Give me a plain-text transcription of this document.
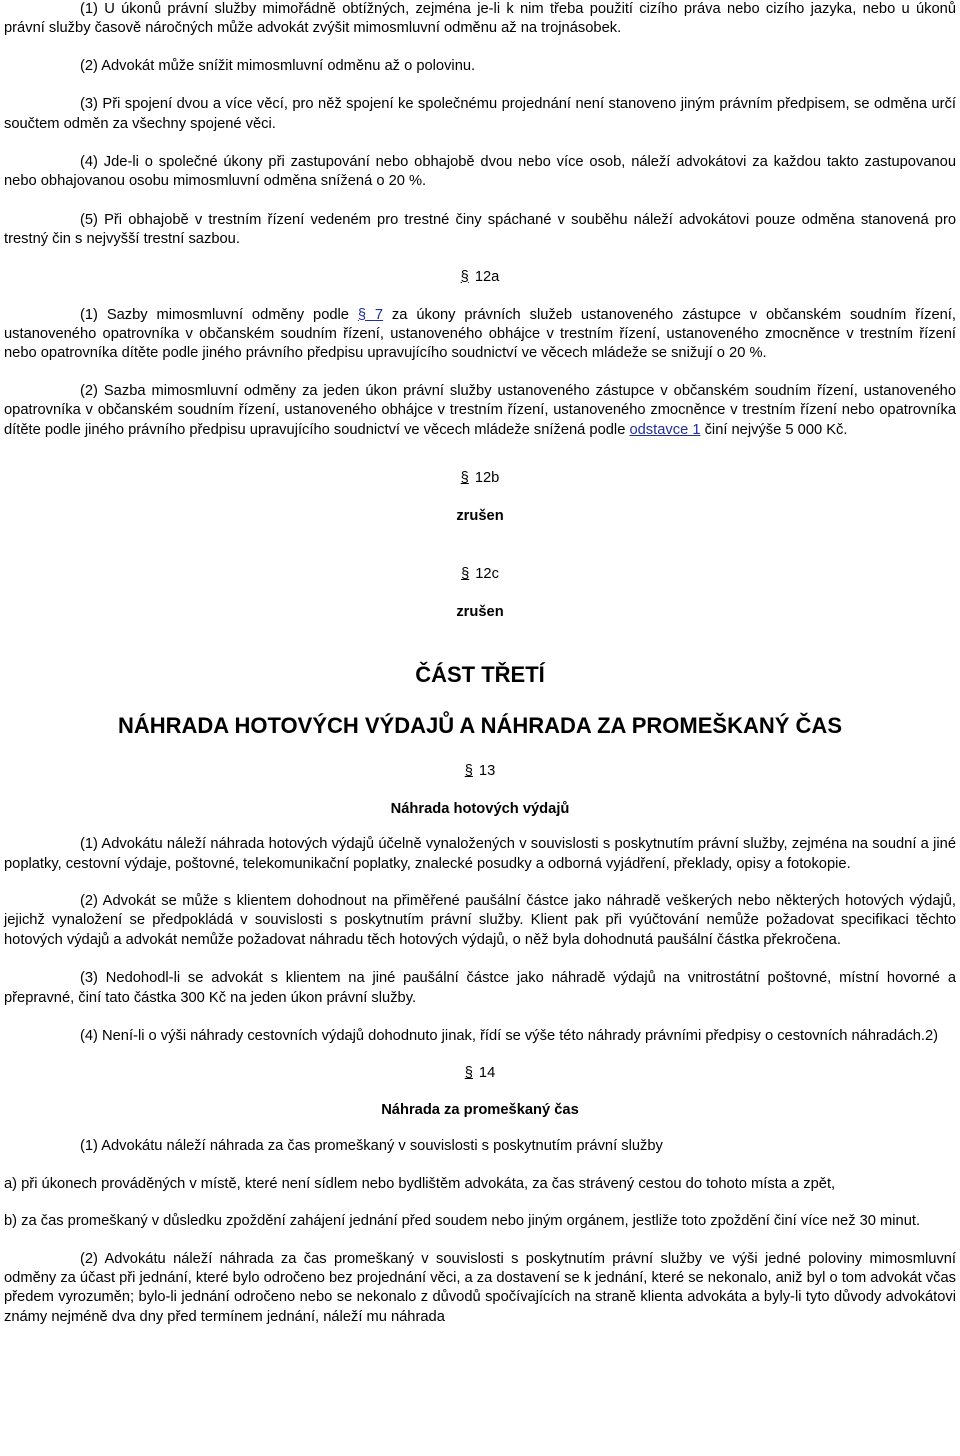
(1) U úkonů právní služby mimořádně obtížných, zejména je-li k nim třeba použití cizího práva nebo cizího jazyka, nebo u úkonů právní služby časově náročných může advokát zvýšit mimosmluvní odměnu až na trojnásobek.

(2) Advokát může snížit mimosmluvní odměnu až o polovinu.

(3) Při spojení dvou a více věcí, pro něž spojení ke společnému projednání není stanoveno jiným právním předpisem, se odměna určí součtem odměn za všechny spojené věci.

(4) Jde-li o společné úkony při zastupování nebo obhajobě dvou nebo více osob, náleží advokátovi za každou takto zastupovanou nebo obhajovanou osobu mimosmluvní odměna snížená o 20 %.

(5) Při obhajobě v trestním řízení vedeném pro trestné činy spáchané v souběhu náleží advokátovi pouze odměna stanovená pro trestný čin s nejvyšší trestní sazbou.

§ 12a

(1) Sazby mimosmluvní odměny podle § 7 za úkony právních služeb ustanoveného zástupce v občanském soudním řízení, ustanoveného opatrovníka v občanském soudním řízení, ustanoveného obhájce v trestním řízení, ustanoveného zmocněnce v trestním řízení nebo opatrovníka dítěte podle jiného právního předpisu upravujícího soudnictví ve věcech mládeže se snižují o 20 %.

(2) Sazba mimosmluvní odměny za jeden úkon právní služby ustanoveného zástupce v občanském soudním řízení, ustanoveného opatrovníka v občanském soudním řízení, ustanoveného obhájce v trestním řízení, ustanoveného zmocněnce v trestním řízení nebo opatrovníka dítěte podle jiného právního předpisu upravujícího soudnictví ve věcech mládeže snížená podle odstavce 1 činí nejvýše 5 000 Kč.

§ 12b

zrušen

§ 12c

zrušen

ČÁST TŘETÍ

NÁHRADA HOTOVÝCH VÝDAJŮ A NÁHRADA ZA PROMEŠKANÝ ČAS

§ 13

Náhrada hotových výdajů

(1) Advokátu náleží náhrada hotových výdajů účelně vynaložených v souvislosti s poskytnutím právní služby, zejména na soudní a jiné poplatky, cestovní výdaje, poštovné, telekomunikační poplatky, znalecké posudky a odborná vyjádření, překlady, opisy a fotokopie.

(2) Advokát se může s klientem dohodnout na přiměřené paušální částce jako náhradě veškerých nebo některých hotových výdajů, jejichž vynaložení se předpokládá v souvislosti s poskytnutím právní služby. Klient pak při vyúčtování nemůže požadovat specifikaci těchto hotových výdajů a advokát nemůže požadovat náhradu těch hotových výdajů, o něž byla dohodnutá paušální částka překročena.

(3) Nedohodl-li se advokát s klientem na jiné paušální částce jako náhradě výdajů na vnitrostátní poštovné, místní hovorné a přepravné, činí tato částka 300 Kč na jeden úkon právní služby.

(4) Není-li o výši náhrady cestovních výdajů dohodnuto jinak, řídí se výše této náhrady právními předpisy o cestovních náhradách.2)

§ 14

Náhrada za promeškaný čas

(1) Advokátu náleží náhrada za čas promeškaný v souvislosti s poskytnutím právní služby

a) při úkonech prováděných v místě, které není sídlem nebo bydlištěm advokáta, za čas strávený cestou do tohoto místa a zpět,

b) za čas promeškaný v důsledku zpoždění zahájení jednání před soudem nebo jiným orgánem, jestliže toto zpoždění činí více než 30 minut.

(2) Advokátu náleží náhrada za čas promeškaný v souvislosti s poskytnutím právní služby ve výši jedné poloviny mimosmluvní odměny za účast při jednání, které bylo odročeno bez projednání věci, a za dostavení se k jednání, které se nekonalo, aniž byl o tom advokát včas předem vyrozuměn; bylo-li jednání odročeno nebo se nekonalo z důvodů spočívajících na straně klienta advokáta a byly-li tyto důvody advokátovi známy nejméně dva dny před termínem jednání, náleží mu náhrada
